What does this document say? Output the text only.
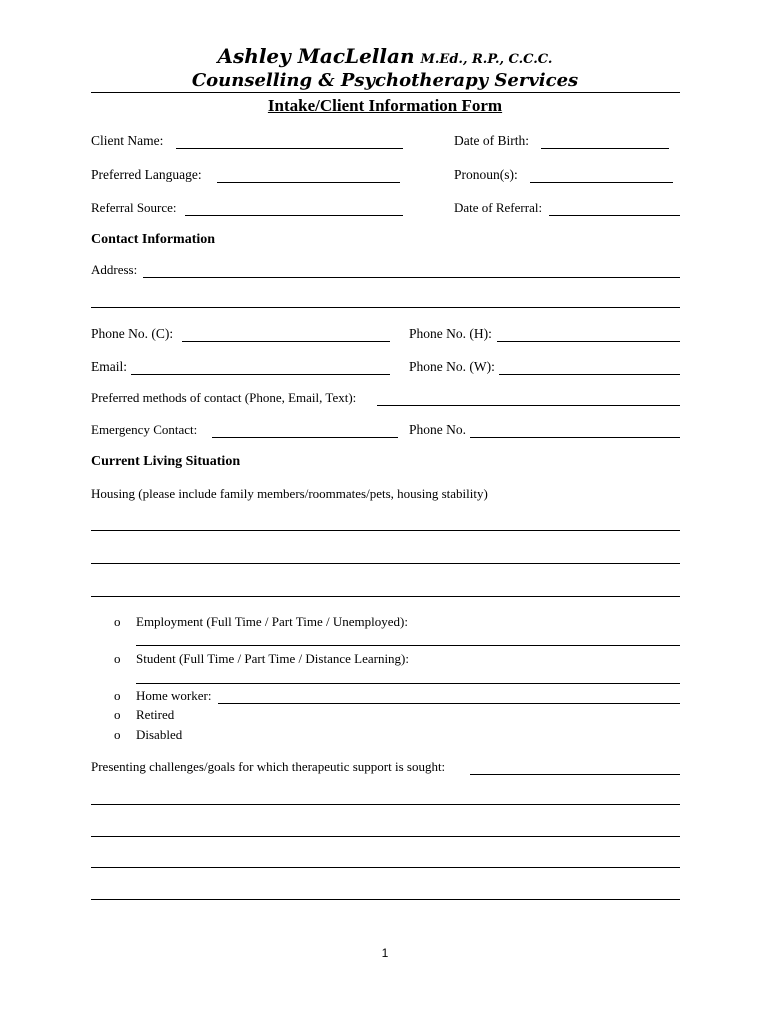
Ashley MacLellan M.Ed., R.P., C.C.C.
Counselling & Psychotherapy Services
Intake/Client Information Form
Client Name:	Date of Birth:
Preferred Language:	Pronoun(s):
Referral Source:	Date of Referral:
Contact Information
Address:
Phone No. (C):	Phone No. (H):
Email:	Phone No. (W):
Preferred methods of contact (Phone, Email, Text):
Emergency Contact:	Phone No.
Current Living Situation
Housing (please include family members/roommates/pets, housing stability)
o Employment (Full Time / Part Time / Unemployed):
o Student (Full Time / Part Time / Distance Learning):
o Home worker:
o Retired
o Disabled
Presenting challenges/goals for which therapeutic support is sought:
1
